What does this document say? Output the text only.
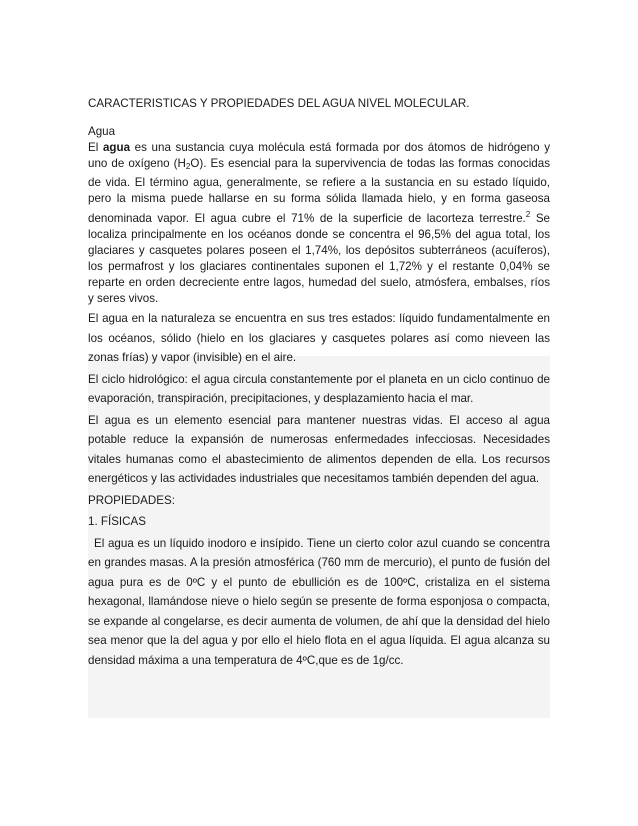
CARACTERISTICAS Y PROPIEDADES DEL AGUA NIVEL MOLECULAR.

Agua

El agua es una sustancia cuya molécula está formada por dos átomos de hidrógeno y uno de oxígeno $(H_2O)$. Es esencial para la supervivencia de todas las formas conocidas de vida. El término agua, generalmente, se refiere a la sustancia en su estado líquido, pero la misma puede hallarse en su forma sólida llamada hielo, y en forma gaseosa denominada vapor. El agua cubre el 71% de la superficie de lacorteza terrestre.$^2$ Se localiza principalmente en los océanos donde se concentra el 96,5% del agua total, los glaciares y casquetes polares poseen el 1,74%, los depósitos subterráneos (acuíferos), los permafrost y los glaciares continentales suponen el 1,72% y el restante 0,04% se reparte en orden decreciente entre lagos, humedad del suelo, atmósfera, embalses, ríos y seres vivos.

El agua en la naturaleza se encuentra en sus tres estados: líquido fundamentalmente en los océanos, sólido (hielo en los glaciares y casquetes polares así como nieveen las zonas frías) y vapor (invisible) en el aire.

El ciclo hidrológico: el agua circula constantemente por el planeta en un ciclo continuo de evaporación, transpiración, precipitaciones, y desplazamiento hacia el mar.

El agua es un elemento esencial para mantener nuestras vidas. El acceso al agua potable reduce la expansión de numerosas enfermedades infecciosas. Necesidades vitales humanas como el abastecimiento de alimentos dependen de ella. Los recursos energéticos y las actividades industriales que necesitamos también dependen del agua.

PROPIEDADES:

1. FÍSICAS

El agua es un líquido inodoro e insípido. Tiene un cierto color azul cuando se concentra en grandes masas. A la presión atmosférica (760 mm de mercurio), el punto de fusión del agua pura es de 0ºC y el punto de ebullición es de 100ºC, cristaliza en el sistema hexagonal, llamándose nieve o hielo según se presente de forma esponjosa o compacta, se expande al congelarse, es decir aumenta de volumen, de ahí que la densidad del hielo sea menor que la del agua y por ello el hielo flota en el agua líquida. El agua alcanza su densidad máxima a una temperatura de 4ºC,que es de 1g/cc.
